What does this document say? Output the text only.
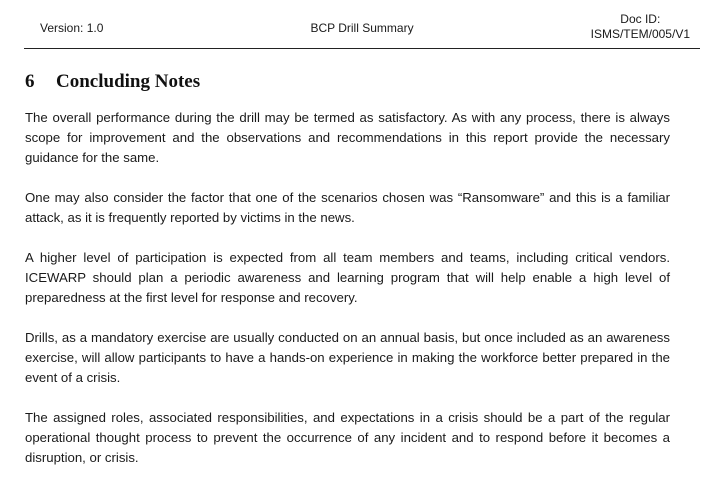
Version: 1.0	BCP Drill Summary
Doc ID:
ISMS/TEM/005/V1
6 Concluding Notes

The overall performance during the drill may be termed as satisfactory. As with any process, there is always scope for improvement and the observations and recommendations in this report provide the necessary guidance for the same.

One may also consider the factor that one of the scenarios chosen was “Ransomware” and this is a familiar attack, as it is frequently reported by victims in the news.

A higher level of participation is expected from all team members and teams, including critical vendors. ICEWARP should plan a periodic awareness and learning program that will help enable a high level of preparedness at the first level for response and recovery.

Drills, as a mandatory exercise are usually conducted on an annual basis, but once included as an awareness exercise, will allow participants to have a hands-on experience in making the workforce better prepared in the event of a crisis.

The assigned roles, associated responsibilities, and expectations in a crisis should be a part of the regular operational thought process to prevent the occurrence of any incident and to respond before it becomes a disruption, or crisis.
